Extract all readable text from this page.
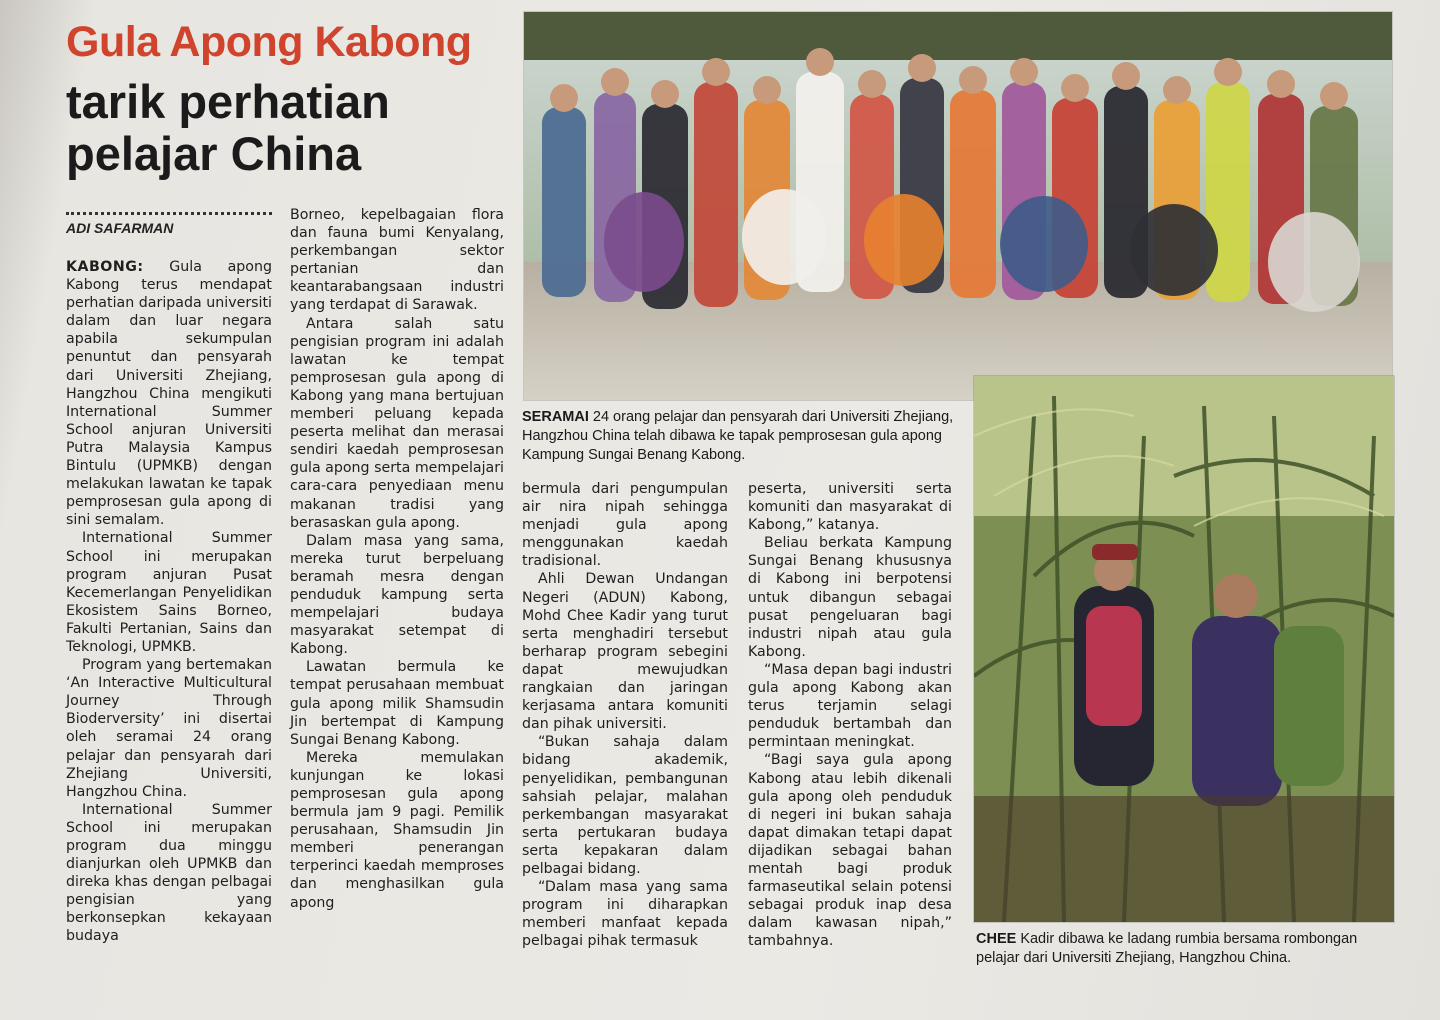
Gula Apong Kabong
tarik perhatian pelajar China
ADI SAFARMAN

KABONG: Gula apong Kabong terus mendapat perhatian daripada universiti dalam dan luar negara apabila sekumpulan penuntut dan pensyarah dari Universiti Zhejiang, Hangzhou China mengikuti International Summer School anjuran Universiti Putra Malaysia Kampus Bintulu (UPMKB) dengan melakukan lawatan ke tapak pemprosesan gula apong di sini semalam.

International Summer School ini merupakan program anjuran Pusat Kecemerlangan Penyelidikan Ekosistem Sains Borneo, Fakulti Pertanian, Sains dan Teknologi, UPMKB.

Program yang bertemakan ‘An Interactive Multicultural Journey Through Bioderversity’ ini disertai oleh seramai 24 orang pelajar dan pensyarah dari Zhejiang Universiti, Hangzhou China.

International Summer School ini merupakan program dua minggu dianjurkan oleh UPMKB dan direka khas dengan pelbagai pengisian yang berkonsepkan kekayaan budaya

Borneo, kepelbagaian flora dan fauna bumi Kenyalang, perkembangan sektor pertanian dan keantarabangsaan industri yang terdapat di Sarawak.

Antara salah satu pengisian program ini adalah lawatan ke tempat pemprosesan gula apong di Kabong yang mana bertujuan memberi peluang kepada peserta melihat dan merasai sendiri kaedah pemprosesan gula apong serta mempelajari cara-cara penyediaan menu makanan tradisi yang berasaskan gula apong.

Dalam masa yang sama, mereka turut berpeluang beramah mesra dengan penduduk kampung serta mempelajari budaya masyarakat setempat di Kabong.

Lawatan bermula ke tempat perusahaan membuat gula apong milik Shamsudin Jin bertempat di Kampung Sungai Benang Kabong.

Mereka memulakan kunjungan ke lokasi pemprosesan gula apong bermula jam 9 pagi. Pemilik perusahaan, Shamsudin Jin memberi penerangan terperinci kaedah memproses dan menghasilkan gula apong

SERAMAI 24 orang pelajar dan pensyarah dari Universiti Zhejiang, Hangzhou China telah dibawa ke tapak pemprosesan gula apong Kampung Sungai Benang Kabong.

bermula dari pengumpulan air nira nipah sehingga menjadi gula apong menggunakan kaedah tradisional.

Ahli Dewan Undangan Negeri (ADUN) Kabong, Mohd Chee Kadir yang turut serta menghadiri tersebut berharap program sebegini dapat mewujudkan rangkaian dan jaringan kerjasama antara komuniti dan pihak universiti.

“Bukan sahaja dalam bidang akademik, penyelidikan, pembangunan sahsiah pelajar, malahan perkembangan masyarakat serta pertukaran budaya serta kepakaran dalam pelbagai bidang.

“Dalam masa yang sama program ini diharapkan memberi manfaat kepada pelbagai pihak termasuk

peserta, universiti serta komuniti dan masyarakat di Kabong,” katanya.

Beliau berkata Kampung Sungai Benang khususnya di Kabong ini berpotensi untuk dibangun sebagai pusat pengeluaran bagi industri nipah atau gula Kabong.

“Masa depan bagi industri gula apong Kabong akan terus terjamin selagi penduduk bertambah dan permintaan meningkat.

“Bagi saya gula apong Kabong atau lebih dikenali gula apong oleh penduduk di negeri ini bukan sahaja dapat dimakan tetapi dapat dijadikan sebagai bahan mentah bagi produk farmaseutikal selain potensi sebagai produk inap desa dalam kawasan nipah,” tambahnya.	CHEE Kadir dibawa ke ladang rumbia bersama rombongan pelajar dari Universiti Zhejiang, Hangzhou China.
